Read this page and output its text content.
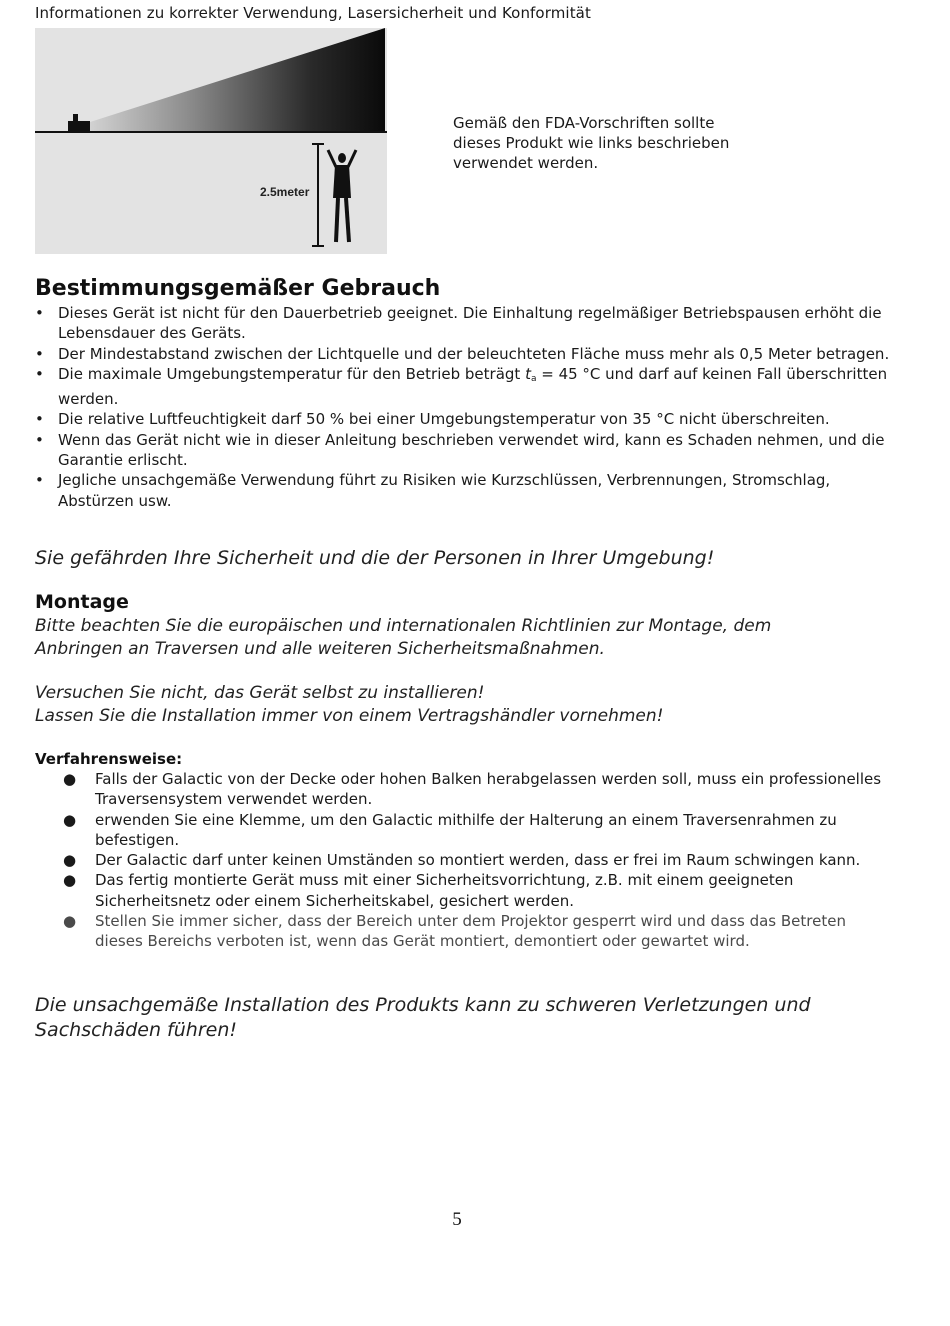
Informationen zu korrekter Verwendung, Lasersicherheit und Konformität
2.5meter
Gemäß den FDA-Vorschriften sollte
dieses Produkt wie links beschrieben
verwendet werden.
Bestimmungsgemäßer Gebrauch
• Dieses Gerät ist nicht für den Dauerbetrieb geeignet. Die Einhaltung regelmäßiger Betriebspausen erhöht die Lebensdauer des Geräts.
• Der Mindestabstand zwischen der Lichtquelle und der beleuchteten Fläche muss mehr als 0,5 Meter betragen.
• Die maximale Umgebungstemperatur für den Betrieb beträgt $t_a = 45$ °C und darf auf keinen Fall überschritten werden.
• Die relative Luftfeuchtigkeit darf 50 % bei einer Umgebungstemperatur von 35 °C nicht überschreiten.
• Wenn das Gerät nicht wie in dieser Anleitung beschrieben verwendet wird, kann es Schaden nehmen, und die Garantie erlischt.
• Jegliche unsachgemäße Verwendung führt zu Risiken wie Kurzschlüssen, Verbrennungen, Stromschlag, Abstürzen usw.
Sie gefährden Ihre Sicherheit und die der Personen in Ihrer Umgebung!
Montage
Bitte beachten Sie die europäischen und internationalen Richtlinien zur Montage, dem
Anbringen an Traversen und alle weiteren Sicherheitsmaßnahmen.
Versuchen Sie nicht, das Gerät selbst zu installieren!
Lassen Sie die Installation immer von einem Vertragshändler vornehmen!
Verfahrensweise:
● Falls der Galactic von der Decke oder hohen Balken herabgelassen werden soll, muss ein professionelles Traversensystem verwendet werden.
● erwenden Sie eine Klemme, um den Galactic mithilfe der Halterung an einem Traversenrahmen zu befestigen.
● Der Galactic darf unter keinen Umständen so montiert werden, dass er frei im Raum schwingen kann.
● Das fertig montierte Gerät muss mit einer Sicherheitsvorrichtung, z.B. mit einem geeigneten Sicherheitsnetz oder einem Sicherheitskabel, gesichert werden.
● Stellen Sie immer sicher, dass der Bereich unter dem Projektor gesperrt wird und dass das Betreten dieses Bereichs verboten ist, wenn das Gerät montiert, demontiert oder gewartet wird.
Die unsachgemäße Installation des Produkts kann zu schweren Verletzungen und
Sachschäden führen!
5
